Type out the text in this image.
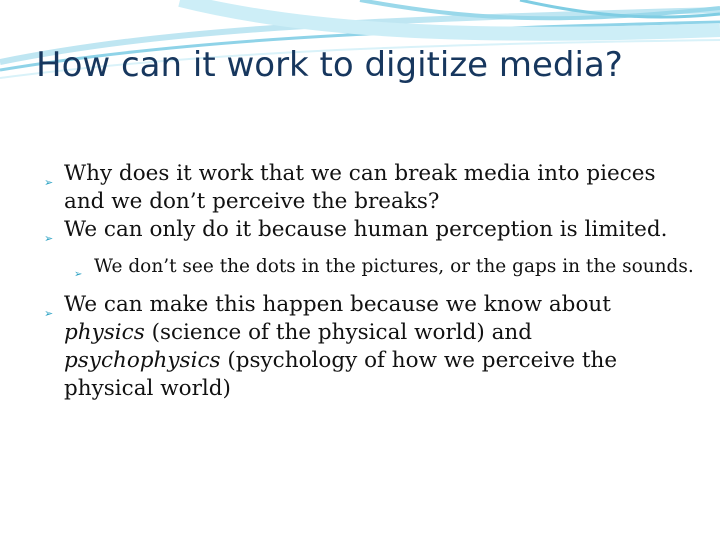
How can it work to digitize media?

➢ Why does it work that we can break media into pieces and we don’t perceive the breaks?

➢ We can only do it because human perception is limited.

➢ We don’t see the dots in the pictures, or the gaps in the sounds.

➢ We can make this happen because we know about physics (science of the physical world) and psychophysics (psychology of how we perceive the physical world)
